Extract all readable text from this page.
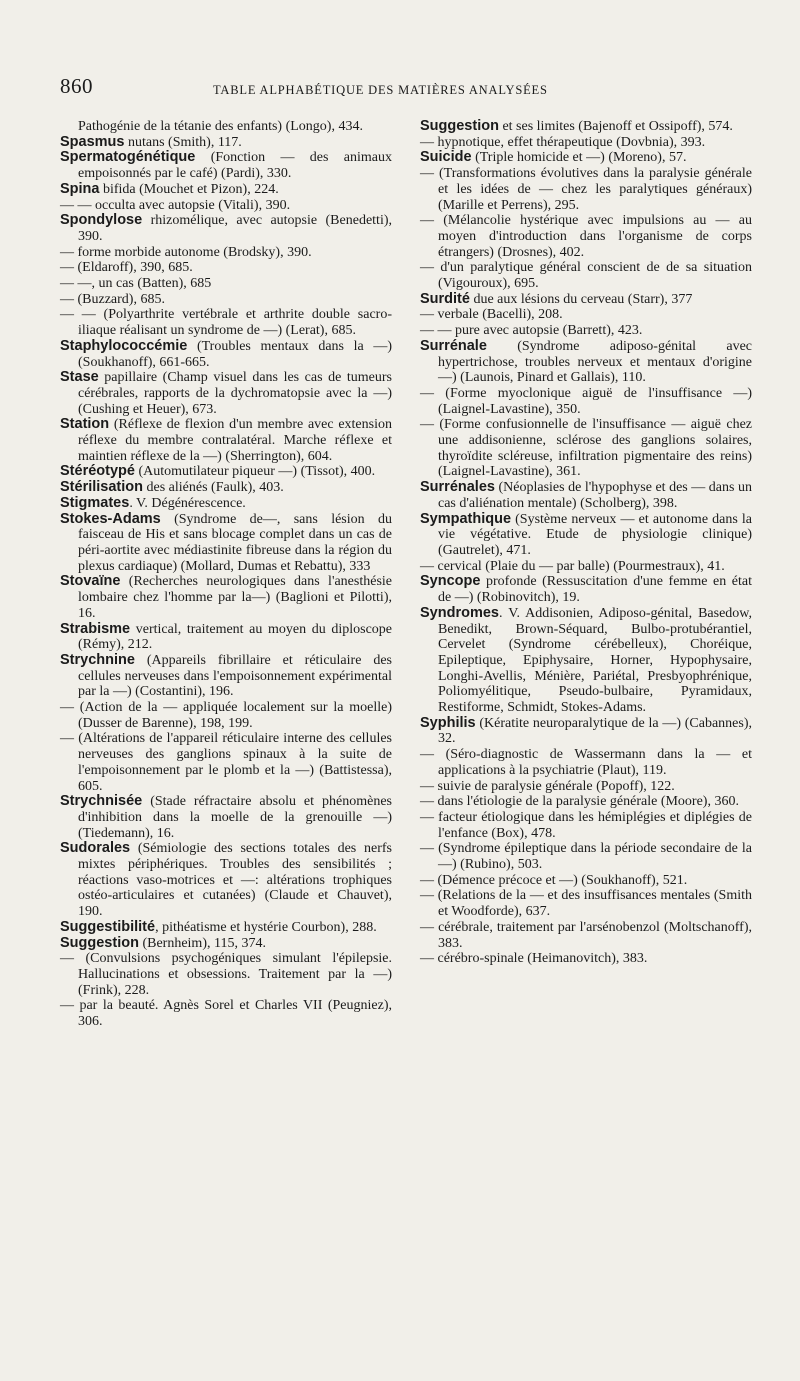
860	TABLE ALPHABÉTIQUE DES MATIÈRES ANALYSÉES

Pathogénie de la tétanie des enfants) (Longo), 434.

Spasmus nutans (Smith), 117.

Spermatogénétique (Fonction — des animaux empoisonnés par le café) (Pardi), 330.

Spina bifida (Mouchet et Pizon), 224.

— — occulta avec autopsie (Vitali), 390.

Spondylose rhizomélique, avec autopsie (Benedetti), 390.

— forme morbide autonome (Brodsky), 390.

— (Eldaroff), 390, 685.

— —, un cas (Batten), 685

— (Buzzard), 685.

— — (Polyarthrite vertébrale et arthrite double sacro-iliaque réalisant un syndrome de —) (Lerat), 685.

Staphylococcémie (Troubles mentaux dans la —) (Soukhanoff), 661-665.

Stase papillaire (Champ visuel dans les cas de tumeurs cérébrales, rapports de la dychromatopsie avec la —) (Cushing et Heuer), 673.

Station (Réflexe de flexion d'un membre avec extension réflexe du membre contralatéral. Marche réflexe et maintien réflexe de la —) (Sherrington), 604.

Stéréotypé (Automutilateur piqueur —) (Tissot), 400.

Stérilisation des aliénés (Faulk), 403.

Stigmates. V. Dégénérescence.

Stokes-Adams (Syndrome de—, sans lésion du faisceau de His et sans blocage complet dans un cas de péri-aortite avec médiastinite fibreuse dans la région du plexus cardiaque) (Mollard, Dumas et Rebattu), 333

Stovaïne (Recherches neurologiques dans l'anesthésie lombaire chez l'homme par la—) (Baglioni et Pilotti), 16.

Strabisme vertical, traitement au moyen du diploscope (Rémy), 212.

Strychnine (Appareils fibrillaire et réticulaire des cellules nerveuses dans l'empoisonnement expérimental par la —) (Costantini), 196.

— (Action de la — appliquée localement sur la moelle) (Dusser de Barenne), 198, 199.

— (Altérations de l'appareil réticulaire interne des cellules nerveuses des ganglions spinaux à la suite de l'empoisonnement par le plomb et la —) (Battistessa), 605.

Strychnisée (Stade réfractaire absolu et phénomènes d'inhibition dans la moelle de la grenouille —) (Tiedemann), 16.

Sudorales (Sémiologie des sections totales des nerfs mixtes périphériques. Troubles des sensibilités ; réactions vaso-motrices et —: altérations trophiques ostéo-articulaires et cutanées) (Claude et Chauvet), 190.

Suggestibilité, pithéatisme et hystérie Courbon), 288.

Suggestion (Bernheim), 115, 374.

— (Convulsions psychogéniques simulant l'épilepsie. Hallucinations et obsessions. Traitement par la —) (Frink), 228.

— par la beauté. Agnès Sorel et Charles VII (Peugniez), 306.

Suggestion et ses limites (Bajenoff et Ossipoff), 574.

— hypnotique, effet thérapeutique (Dovbnia), 393.

Suicide (Triple homicide et —) (Moreno), 57.

— (Transformations évolutives dans la paralysie générale et les idées de — chez les paralytiques généraux) (Marille et Perrens), 295.

— (Mélancolie hystérique avec impulsions au — au moyen d'introduction dans l'organisme de corps étrangers) (Drosnes), 402.

— d'un paralytique général conscient de de sa situation (Vigouroux), 695.

Surdité due aux lésions du cerveau (Starr), 377

— verbale (Bacelli), 208.

— — pure avec autopsie (Barrett), 423.

Surrénale (Syndrome adiposo-génital avec hypertrichose, troubles nerveux et mentaux d'origine —) (Launois, Pinard et Gallais), 110.

— (Forme myoclonique aiguë de l'insuffisance —) (Laignel-Lavastine), 350.

— (Forme confusionnelle de l'insuffisance — aiguë chez une addisonienne, sclérose des ganglions solaires, thyroïdite scléreuse, infiltration pigmentaire des reins) (Laignel-Lavastine), 361.

Surrénales (Néoplasies de l'hypophyse et des — dans un cas d'aliénation mentale) (Scholberg), 398.

Sympathique (Système nerveux — et autonome dans la vie végétative. Etude de physiologie clinique) (Gautrelet), 471.

— cervical (Plaie du — par balle) (Pourmestraux), 41.

Syncope profonde (Ressuscitation d'une femme en état de —) (Robinovitch), 19.

Syndromes. V. Addisonien, Adiposo-génital, Basedow, Benedikt, Brown-Séquard, Bulbo-protubérantiel, Cervelet (Syndrome cérébelleux), Choréique, Epileptique, Epiphysaire, Horner, Hypophysaire, Longhi-Avellis, Ménière, Pariétal, Presbyophrénique, Poliomyélitique, Pseudo-bulbaire, Pyramidaux, Restiforme, Schmidt, Stokes-Adams.

Syphilis (Kératite neuroparalytique de la —) (Cabannes), 32.

— (Séro-diagnostic de Wassermann dans la — et applications à la psychiatrie (Plaut), 119.

— suivie de paralysie générale (Popoff), 122.

— dans l'étiologie de la paralysie générale (Moore), 360.

— facteur étiologique dans les hémiplégies et diplégies de l'enfance (Box), 478.

— (Syndrome épileptique dans la période secondaire de la —) (Rubino), 503.

— (Démence précoce et —) (Soukhanoff), 521.

— (Relations de la — et des insuffisances mentales (Smith et Woodforde), 637.

— cérébrale, traitement par l'arsénobenzol (Moltschanoff), 383.

— cérébro-spinale (Heimanovitch), 383.
